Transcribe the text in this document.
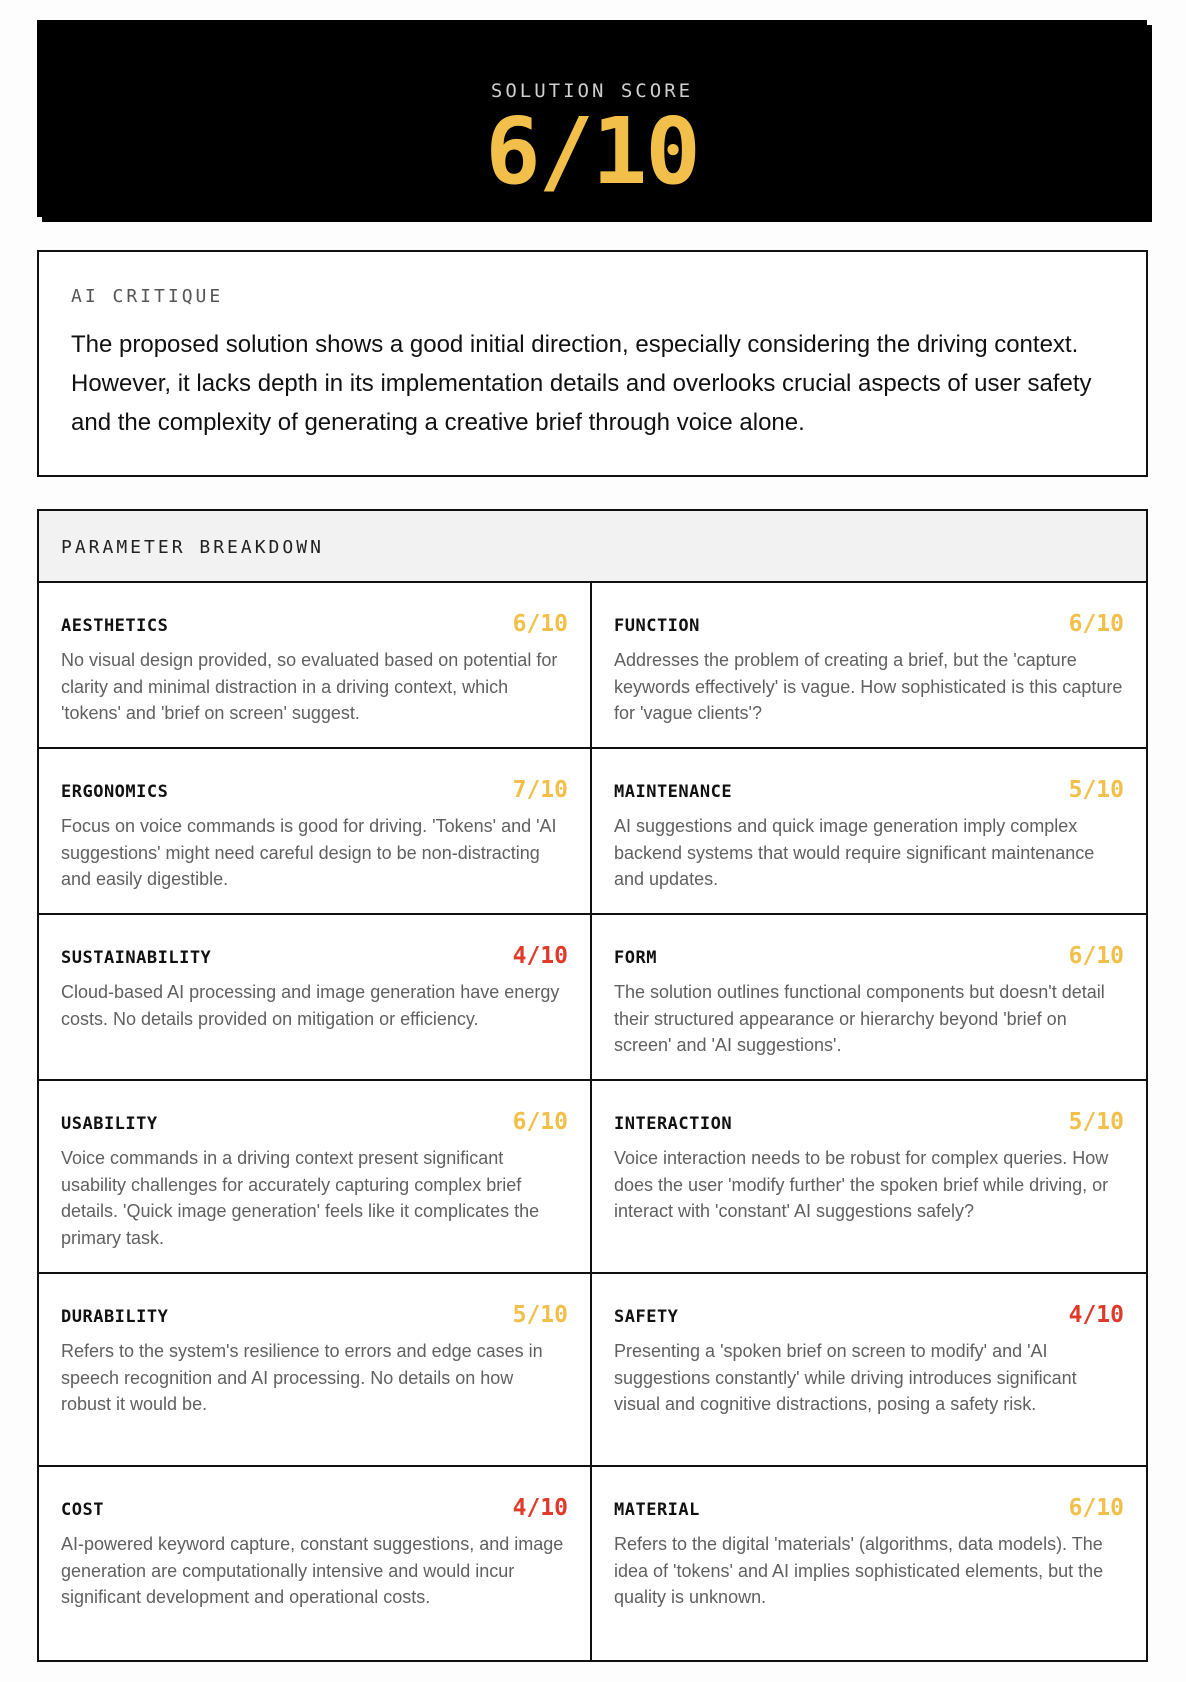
SOLUTION SCORE
6/10
AI CRITIQUE
The proposed solution shows a good initial direction, especially considering the driving context. However, it lacks depth in its implementation details and overlooks crucial aspects of user safety and the complexity of generating a creative brief through voice alone.
PARAMETER BREAKDOWN
AESTHETICS	6/10
No visual design provided, so evaluated based on potential for clarity and minimal distraction in a driving context, which 'tokens' and 'brief on screen' suggest.
FUNCTION	6/10
Addresses the problem of creating a brief, but the 'capture keywords effectively' is vague. How sophisticated is this capture for 'vague clients'?
ERGONOMICS	7/10
Focus on voice commands is good for driving. 'Tokens' and 'AI suggestions' might need careful design to be non-distracting and easily digestible.
MAINTENANCE	5/10
AI suggestions and quick image generation imply complex backend systems that would require significant maintenance and updates.
SUSTAINABILITY	4/10
Cloud-based AI processing and image generation have energy costs. No details provided on mitigation or efficiency.
FORM	6/10
The solution outlines functional components but doesn't detail their structured appearance or hierarchy beyond 'brief on screen' and 'AI suggestions'.
USABILITY	6/10
Voice commands in a driving context present significant usability challenges for accurately capturing complex brief details. 'Quick image generation' feels like it complicates the primary task.
INTERACTION	5/10
Voice interaction needs to be robust for complex queries. How does the user 'modify further' the spoken brief while driving, or interact with 'constant' AI suggestions safely?
DURABILITY	5/10
Refers to the system's resilience to errors and edge cases in speech recognition and AI processing. No details on how robust it would be.
SAFETY	4/10
Presenting a 'spoken brief on screen to modify' and 'AI suggestions constantly' while driving introduces significant visual and cognitive distractions, posing a safety risk.
COST	4/10
AI-powered keyword capture, constant suggestions, and image generation are computationally intensive and would incur significant development and operational costs.
MATERIAL	6/10
Refers to the digital 'materials' (algorithms, data models). The idea of 'tokens' and AI implies sophisticated elements, but the quality is unknown.
